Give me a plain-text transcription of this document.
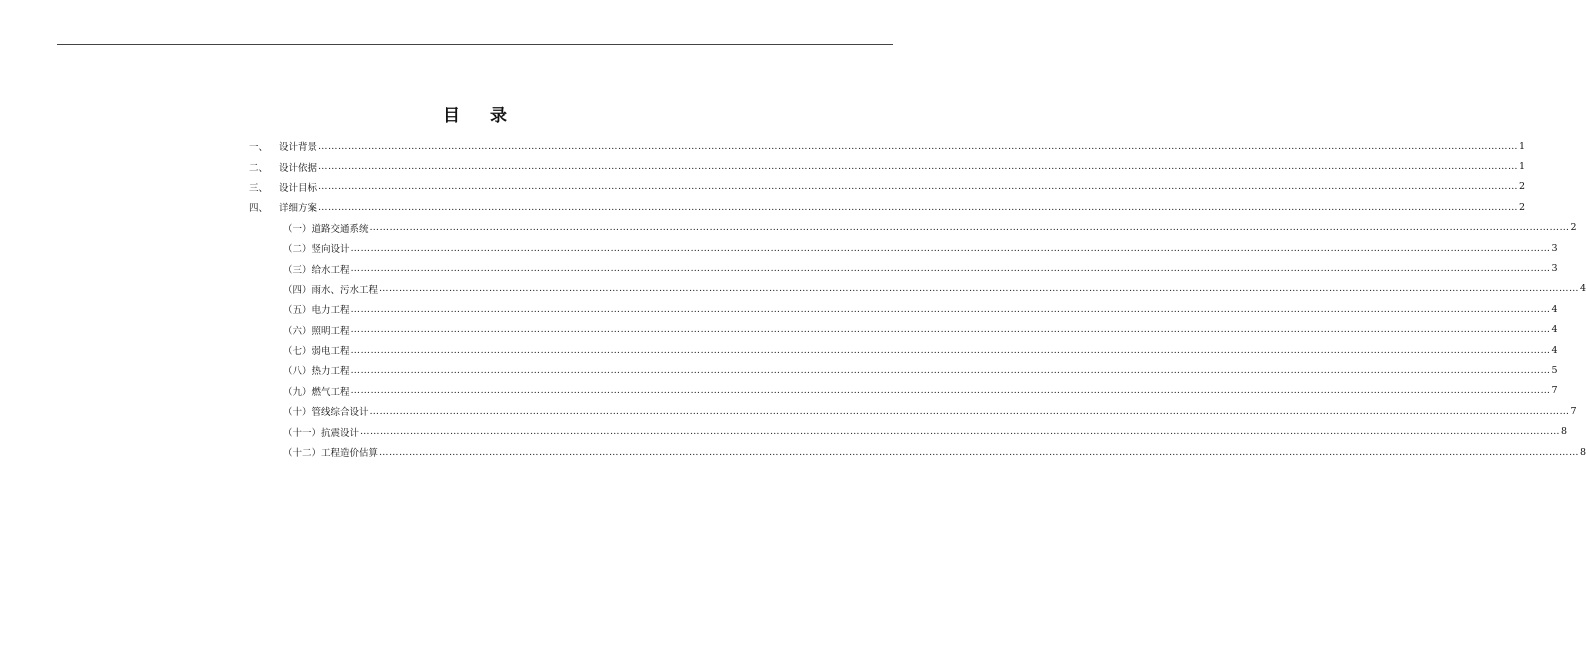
目 录
一、	设计背景 ……………………………………………………………………………………………………………………………………………………………………………………………………………………………………………………………………………………………………………………………… 1
二、	设计依据 ……………………………………………………………………………………………………………………………………………………………………………………………………………………………………………………………………………………………………………………………… 1
三、	设计目标 ……………………………………………………………………………………………………………………………………………………………………………………………………………………………………………………………………………………………………………………………… 2
四、	详细方案 ……………………………………………………………………………………………………………………………………………………………………………………………………………………………………………………………………………………………………………………………… 2
（一）道路交通系统 ……………………………………………………………………………………………………………………………………………………………………………………………………………………………………………………………………………………………………………………………… 2
（二）竖向设计 ……………………………………………………………………………………………………………………………………………………………………………………………………………………………………………………………………………………………………………………………… 3
（三）给水工程 ……………………………………………………………………………………………………………………………………………………………………………………………………………………………………………………………………………………………………………………………… 3
（四）雨水、污水工程 ……………………………………………………………………………………………………………………………………………………………………………………………………………………………………………………………………………………………………………………………… 4
（五）电力工程 ……………………………………………………………………………………………………………………………………………………………………………………………………………………………………………………………………………………………………………………………… 4
（六）照明工程 ……………………………………………………………………………………………………………………………………………………………………………………………………………………………………………………………………………………………………………………………… 4
（七）弱电工程 ……………………………………………………………………………………………………………………………………………………………………………………………………………………………………………………………………………………………………………………………… 4
（八）热力工程 ……………………………………………………………………………………………………………………………………………………………………………………………………………………………………………………………………………………………………………………………… 5
（九）燃气工程 ……………………………………………………………………………………………………………………………………………………………………………………………………………………………………………………………………………………………………………………………… 7
（十）管线综合设计 ……………………………………………………………………………………………………………………………………………………………………………………………………………………………………………………………………………………………………………………………… 7
（十一）抗震设计 ……………………………………………………………………………………………………………………………………………………………………………………………………………………………………………………………………………………………………………………………… 8
（十二）工程造价估算 ……………………………………………………………………………………………………………………………………………………………………………………………………………………………………………………………………………………………………………………………… 8
